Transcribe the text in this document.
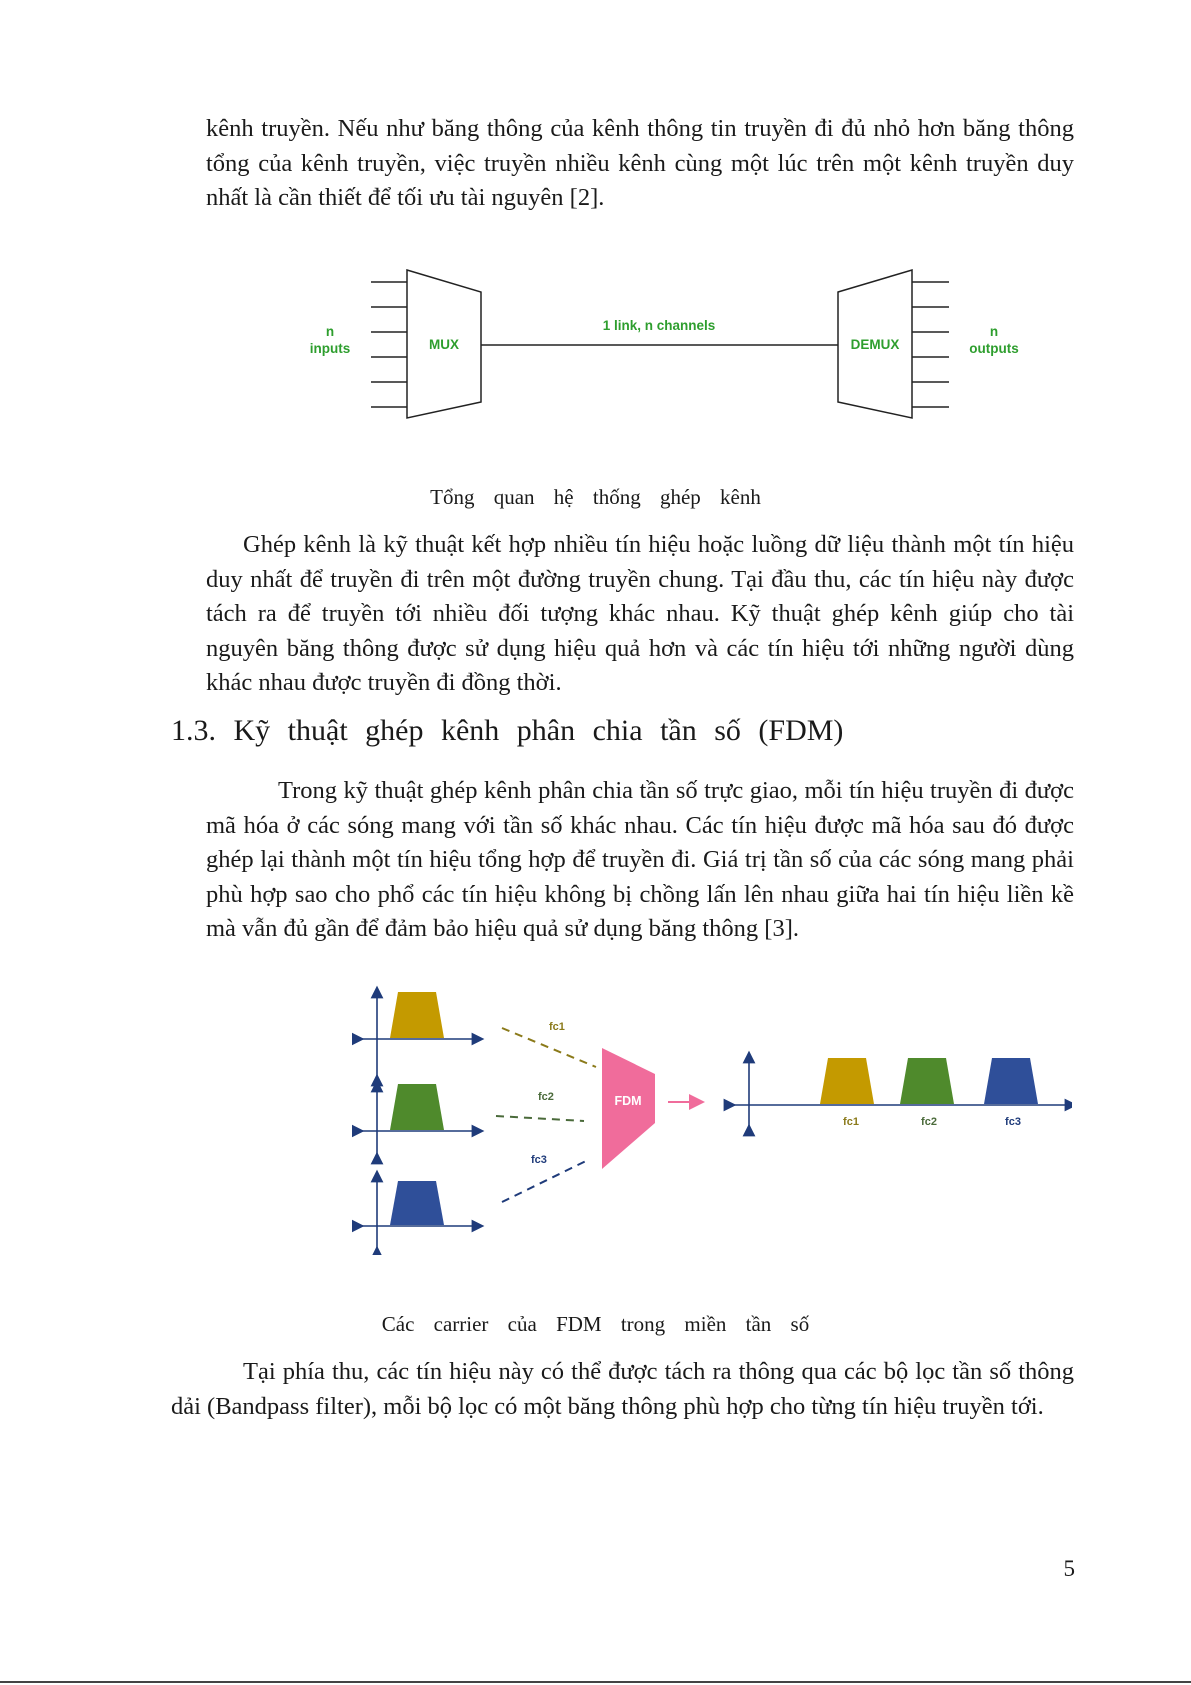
kênh truyền. Nếu như băng thông của kênh thông tin truyền đi đủ nhỏ hơn băng thông tổng của kênh truyền, việc truyền nhiều kênh cùng một lúc trên một kênh truyền duy nhất là cần thiết để tối ưu tài nguyên [2].

n
inputs	MUX
1 link, n channels
DEMUX
n
outputs

Tổng quan hệ thống ghép kênh

Ghép kênh là kỹ thuật kết hợp nhiều tín hiệu hoặc luồng dữ liệu thành một tín hiệu duy nhất để truyền đi trên một đường truyền chung. Tại đầu thu, các tín hiệu này được tách ra để truyền tới nhiều đối tượng khác nhau. Kỹ thuật ghép kênh giúp cho tài nguyên băng thông được sử dụng hiệu quả hơn và các tín hiệu tới những người dùng khác nhau được truyền đi đồng thời.

1.3. Kỹ thuật ghép kênh phân chia tần số (FDM)

Trong kỹ thuật ghép kênh phân chia tần số trực giao, mỗi tín hiệu truyền đi được mã hóa ở các sóng mang với tần số khác nhau. Các tín hiệu được mã hóa sau đó được ghép lại thành một tín hiệu tổng hợp để truyền đi. Giá trị tần số của các sóng mang phải phù hợp sao cho phổ các tín hiệu không bị chồng lấn lên nhau giữa hai tín hiệu liền kề mà vẫn đủ gần để đảm bảo hiệu quả sử dụng băng thông [3].

fc1
fc2
fc3
FDM
fc1	fc2	fc3

Các carrier của FDM trong miền tần số

Tại phía thu, các tín hiệu này có thể được tách ra thông qua các bộ lọc tần số thông dải (Bandpass filter), mỗi bộ lọc có một băng thông phù hợp cho từng tín hiệu truyền tới.

5
